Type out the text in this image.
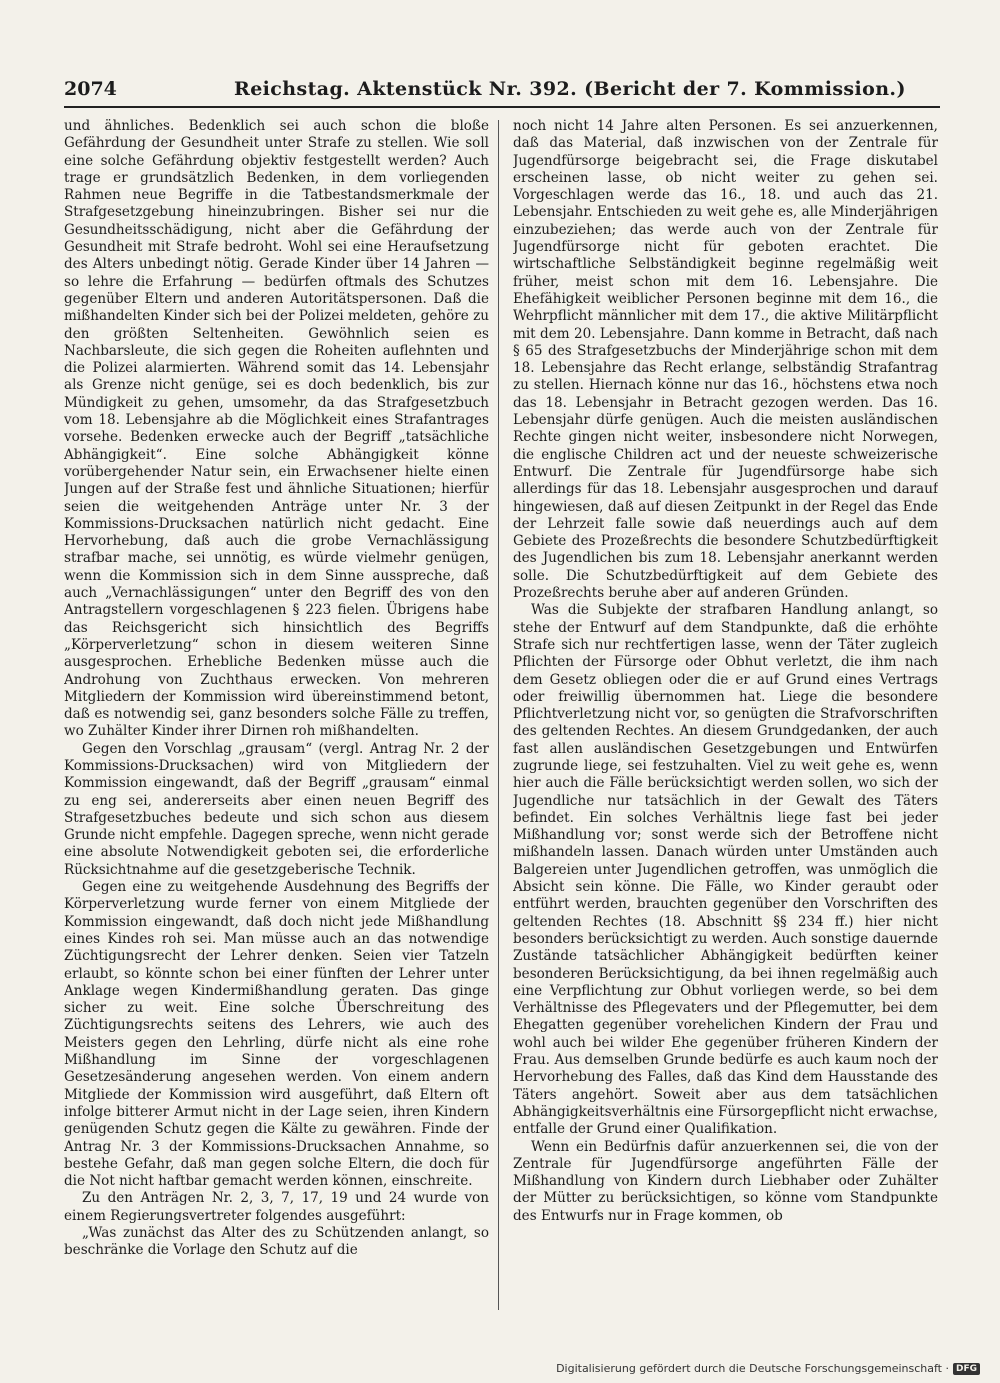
2074	Reichstag. Aktenstück Nr. 392. (Bericht der 7. Kommission.)

und ähnliches. Bedenklich sei auch schon die bloße Gefährdung der Gesundheit unter Strafe zu stellen. Wie soll eine solche Gefährdung objektiv festgestellt werden? Auch trage er grundsätzlich Bedenken, in dem vorliegenden Rahmen neue Begriffe in die Tatbestandsmerkmale der Strafgesetzgebung hineinzubringen. Bisher sei nur die Gesundheitsschädigung, nicht aber die Gefährdung der Gesundheit mit Strafe bedroht. Wohl sei eine Heraufsetzung des Alters unbedingt nötig. Gerade Kinder über 14 Jahren — so lehre die Erfahrung — bedürfen oftmals des Schutzes gegenüber Eltern und anderen Autoritätspersonen. Daß die mißhandelten Kinder sich bei der Polizei meldeten, gehöre zu den größten Seltenheiten. Gewöhnlich seien es Nachbarsleute, die sich gegen die Roheiten auflehnten und die Polizei alarmierten. Während somit das 14. Lebensjahr als Grenze nicht genüge, sei es doch bedenklich, bis zur Mündigkeit zu gehen, umsomehr, da das Strafgesetzbuch vom 18. Lebensjahre ab die Möglichkeit eines Strafantrages vorsehe. Bedenken erwecke auch der Begriff „tatsächliche Abhängigkeit“. Eine solche Abhängigkeit könne vorübergehender Natur sein, ein Erwachsener hielte einen Jungen auf der Straße fest und ähnliche Situationen; hierfür seien die weitgehenden Anträge unter Nr. 3 der Kommissions-Drucksachen natürlich nicht gedacht. Eine Hervorhebung, daß auch die grobe Vernachlässigung strafbar mache, sei unnötig, es würde vielmehr genügen, wenn die Kommission sich in dem Sinne ausspreche, daß auch „Vernachlässigungen“ unter den Begriff des von den Antragstellern vorgeschlagenen § 223 fielen. Übrigens habe das Reichsgericht sich hinsichtlich des Begriffs „Körperverletzung“ schon in diesem weiteren Sinne ausgesprochen. Erhebliche Bedenken müsse auch die Androhung von Zuchthaus erwecken. Von mehreren Mitgliedern der Kommission wird übereinstimmend betont, daß es notwendig sei, ganz besonders solche Fälle zu treffen, wo Zuhälter Kinder ihrer Dirnen roh mißhandelten.

Gegen den Vorschlag „grausam“ (vergl. Antrag Nr. 2 der Kommissions-Drucksachen) wird von Mitgliedern der Kommission eingewandt, daß der Begriff „grausam“ einmal zu eng sei, andererseits aber einen neuen Begriff des Strafgesetzbuches bedeute und sich schon aus diesem Grunde nicht empfehle. Dagegen spreche, wenn nicht gerade eine absolute Notwendigkeit geboten sei, die erforderliche Rücksichtnahme auf die gesetzgeberische Technik.

Gegen eine zu weitgehende Ausdehnung des Begriffs der Körperverletzung wurde ferner von einem Mitgliede der Kommission eingewandt, daß doch nicht jede Mißhandlung eines Kindes roh sei. Man müsse auch an das notwendige Züchtigungsrecht der Lehrer denken. Seien vier Tatzeln erlaubt, so könnte schon bei einer fünften der Lehrer unter Anklage wegen Kindermißhandlung geraten. Das ginge sicher zu weit. Eine solche Überschreitung des Züchtigungsrechts seitens des Lehrers, wie auch des Meisters gegen den Lehrling, dürfe nicht als eine rohe Mißhandlung im Sinne der vorgeschlagenen Gesetzesänderung angesehen werden. Von einem andern Mitgliede der Kommission wird ausgeführt, daß Eltern oft infolge bitterer Armut nicht in der Lage seien, ihren Kindern genügenden Schutz gegen die Kälte zu gewähren. Finde der Antrag Nr. 3 der Kommissions-Drucksachen Annahme, so bestehe Gefahr, daß man gegen solche Eltern, die doch für die Not nicht haftbar gemacht werden können, einschreite.

Zu den Anträgen Nr. 2, 3, 7, 17, 19 und 24 wurde von einem Regierungsvertreter folgendes ausgeführt:

„Was zunächst das Alter des zu Schützenden anlangt, so beschränke die Vorlage den Schutz auf die

noch nicht 14 Jahre alten Personen. Es sei anzuerkennen, daß das Material, daß inzwischen von der Zentrale für Jugendfürsorge beigebracht sei, die Frage diskutabel erscheinen lasse, ob nicht weiter zu gehen sei. Vorgeschlagen werde das 16., 18. und auch das 21. Lebensjahr. Entschieden zu weit gehe es, alle Minderjährigen einzubeziehen; das werde auch von der Zentrale für Jugendfürsorge nicht für geboten erachtet. Die wirtschaftliche Selbständigkeit beginne regelmäßig weit früher, meist schon mit dem 16. Lebensjahre. Die Ehefähigkeit weiblicher Personen beginne mit dem 16., die Wehrpflicht männlicher mit dem 17., die aktive Militärpflicht mit dem 20. Lebensjahre. Dann komme in Betracht, daß nach § 65 des Strafgesetzbuchs der Minderjährige schon mit dem 18. Lebensjahre das Recht erlange, selbständig Strafantrag zu stellen. Hiernach könne nur das 16., höchstens etwa noch das 18. Lebensjahr in Betracht gezogen werden. Das 16. Lebensjahr dürfe genügen. Auch die meisten ausländischen Rechte gingen nicht weiter, insbesondere nicht Norwegen, die englische Children act und der neueste schweizerische Entwurf. Die Zentrale für Jugendfürsorge habe sich allerdings für das 18. Lebensjahr ausgesprochen und darauf hingewiesen, daß auf diesen Zeitpunkt in der Regel das Ende der Lehrzeit falle sowie daß neuerdings auch auf dem Gebiete des Prozeßrechts die besondere Schutzbedürftigkeit des Jugendlichen bis zum 18. Lebensjahr anerkannt werden solle. Die Schutzbedürftigkeit auf dem Gebiete des Prozeßrechts beruhe aber auf anderen Gründen.

Was die Subjekte der strafbaren Handlung anlangt, so stehe der Entwurf auf dem Standpunkte, daß die erhöhte Strafe sich nur rechtfertigen lasse, wenn der Täter zugleich Pflichten der Fürsorge oder Obhut verletzt, die ihm nach dem Gesetz obliegen oder die er auf Grund eines Vertrags oder freiwillig übernommen hat. Liege die besondere Pflichtverletzung nicht vor, so genügten die Strafvorschriften des geltenden Rechtes. An diesem Grundgedanken, der auch fast allen ausländischen Gesetzgebungen und Entwürfen zugrunde liege, sei festzuhalten. Viel zu weit gehe es, wenn hier auch die Fälle berücksichtigt werden sollen, wo sich der Jugendliche nur tatsächlich in der Gewalt des Täters befindet. Ein solches Verhältnis liege fast bei jeder Mißhandlung vor; sonst werde sich der Betroffene nicht mißhandeln lassen. Danach würden unter Umständen auch Balgereien unter Jugendlichen getroffen, was unmöglich die Absicht sein könne. Die Fälle, wo Kinder geraubt oder entführt werden, brauchten gegenüber den Vorschriften des geltenden Rechtes (18. Abschnitt §§ 234 ff.) hier nicht besonders berücksichtigt zu werden. Auch sonstige dauernde Zustände tatsächlicher Abhängigkeit bedürften keiner besonderen Berücksichtigung, da bei ihnen regelmäßig auch eine Verpflichtung zur Obhut vorliegen werde, so bei dem Verhältnisse des Pflegevaters und der Pflegemutter, bei dem Ehegatten gegenüber vorehelichen Kindern der Frau und wohl auch bei wilder Ehe gegenüber früheren Kindern der Frau. Aus demselben Grunde bedürfe es auch kaum noch der Hervorhebung des Falles, daß das Kind dem Hausstande des Täters angehört. Soweit aber aus dem tatsächlichen Abhängigkeitsverhältnis eine Fürsorgepflicht nicht erwachse, entfalle der Grund einer Qualifikation.

Wenn ein Bedürfnis dafür anzuerkennen sei, die von der Zentrale für Jugendfürsorge angeführten Fälle der Mißhandlung von Kindern durch Liebhaber oder Zuhälter der Mütter zu berücksichtigen, so könne vom Standpunkte des Entwurfs nur in Frage kommen, ob

Digitalisierung gefördert durch die Deutsche Forschungsgemeinschaft · DFG
